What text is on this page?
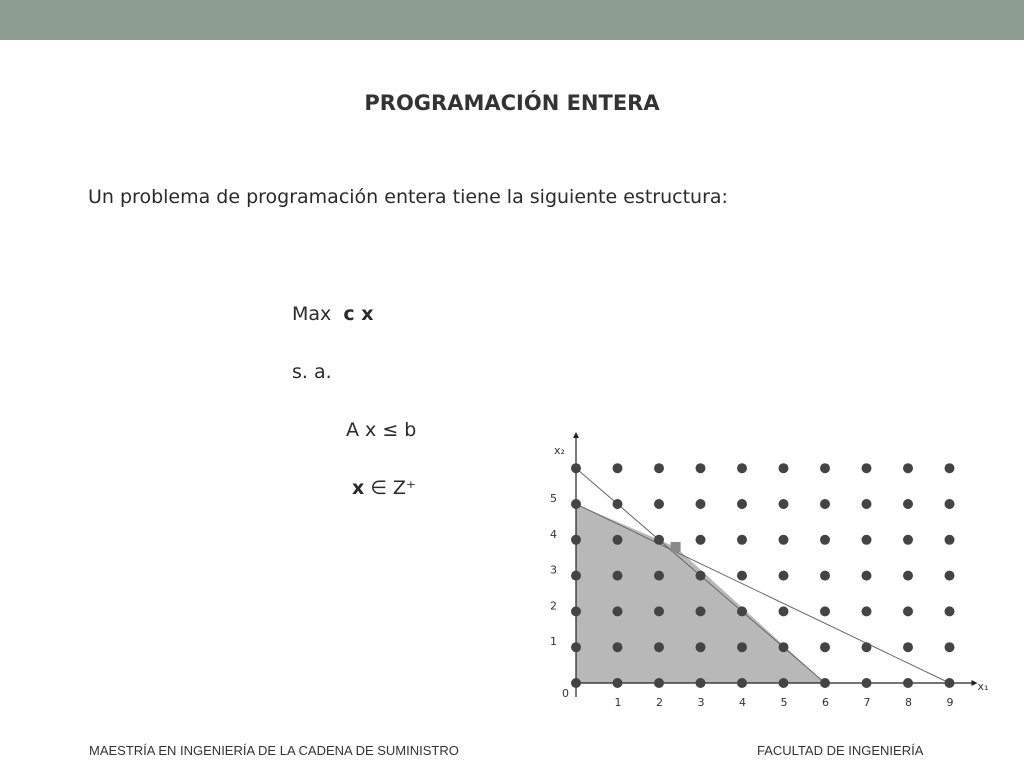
PROGRAMACIÓN ENTERA
Un problema de programación entera tiene la siguiente estructura:
Max c x
s. a.
A x ≤ b
x ∈ Z⁺
0
1	2	3	4	5	6	7	8	9
1
2
3
4
5
x₁
x₂
MAESTRÍA EN INGENIERÍA DE LA CADENA DE SUMINISTRO	FACULTAD DE INGENIERÍA
